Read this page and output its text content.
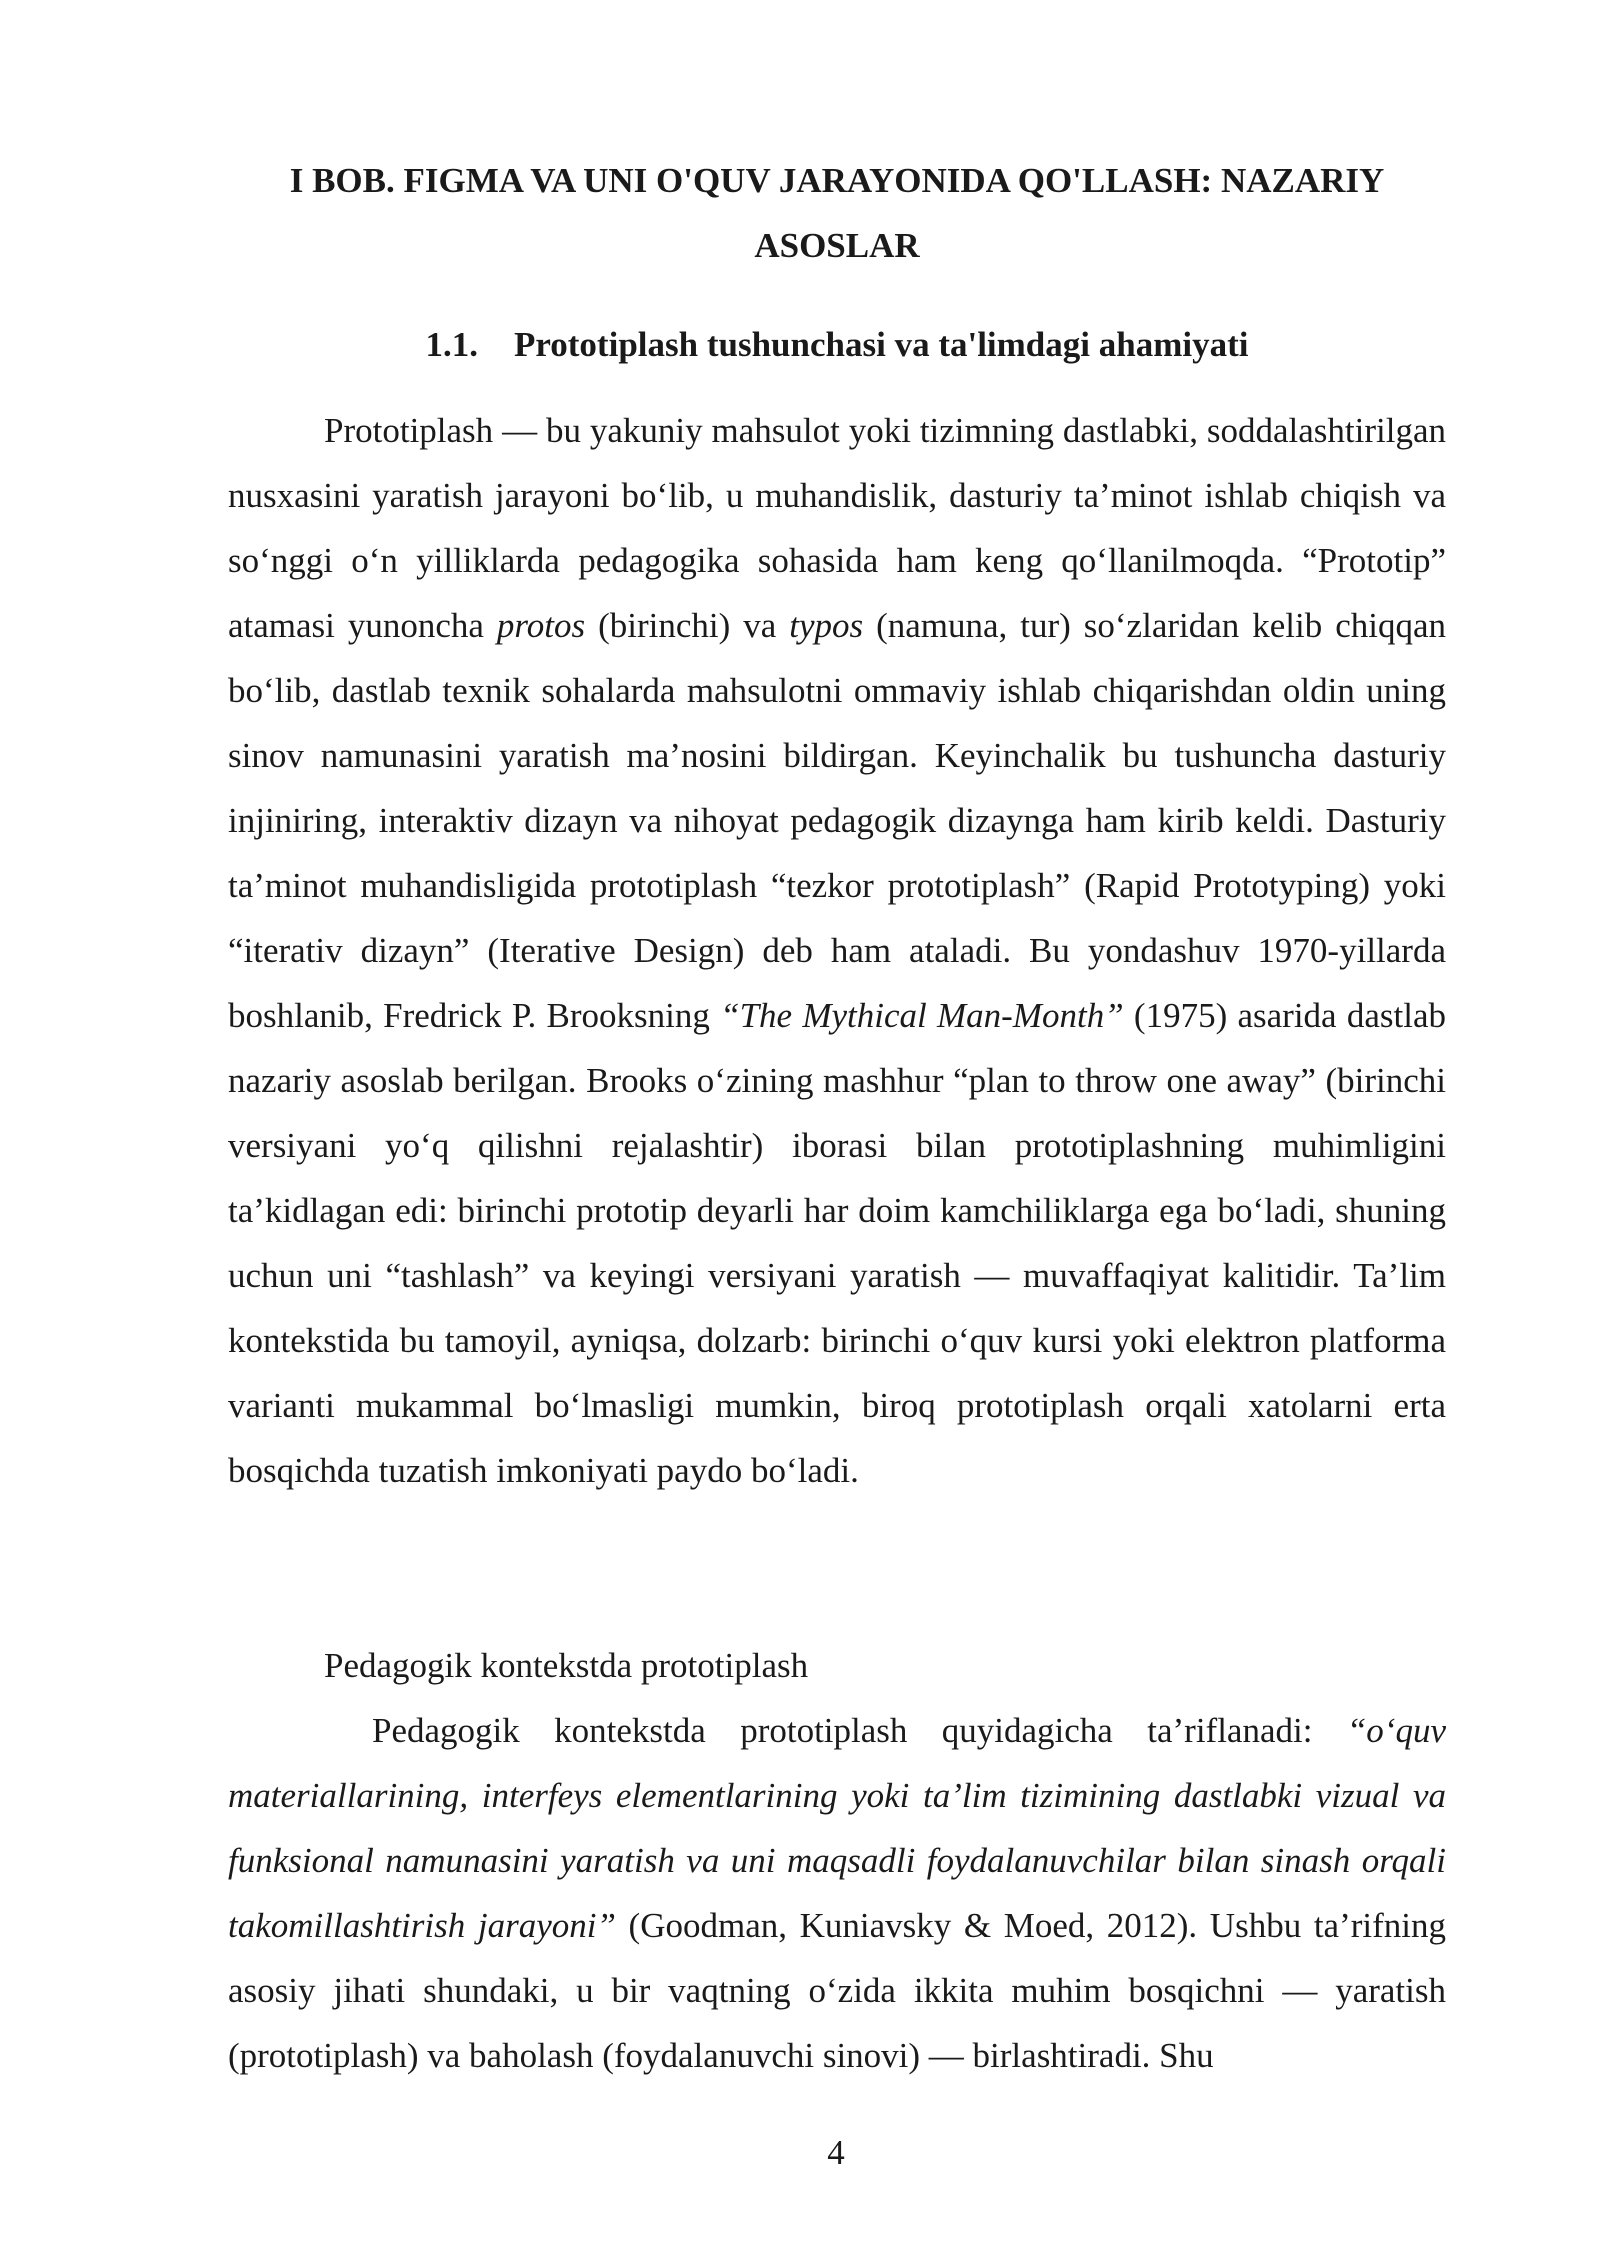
I BOB. FIGMA VA UNI O'QUV JARAYONIDA QO'LLASH: NAZARIY
ASOSLAR
1.1. Prototiplash tushunchasi va ta'limdagi ahamiyati

Prototiplash — bu yakuniy mahsulot yoki tizimning dastlabki, soddalashtirilgan nusxasini yaratish jarayoni bo‘lib, u muhandislik, dasturiy ta’minot ishlab chiqish va so‘nggi o‘n yilliklarda pedagogika sohasida ham keng qo‘llanilmoqda. “Prototip” atamasi yunoncha protos (birinchi) va typos (namuna, tur) so‘zlaridan kelib chiqqan bo‘lib, dastlab texnik sohalarda mahsulotni ommaviy ishlab chiqarishdan oldin uning sinov namunasini yaratish ma’nosini bildirgan. Keyinchalik bu tushuncha dasturiy injiniring, interaktiv dizayn va nihoyat pedagogik dizaynga ham kirib keldi. Dasturiy ta’minot muhandisligida prototiplash “tezkor prototiplash” (Rapid Prototyping) yoki “iterativ dizayn” (Iterative Design) deb ham ataladi. Bu yondashuv 1970-yillarda boshlanib, Fredrick P. Brooksning “The Mythical Man-Month” (1975) asarida dastlab nazariy asoslab berilgan. Brooks o‘zining mashhur “plan to throw one away” (birinchi versiyani yo‘q qilishni rejalashtir) iborasi bilan prototiplashning muhimligini ta’kidlagan edi: birinchi prototip deyarli har doim kamchiliklarga ega bo‘ladi, shuning uchun uni “tashlash” va keyingi versiyani yaratish — muvaffaqiyat kalitidir. Ta’lim kontekstida bu tamoyil, ayniqsa, dolzarb: birinchi o‘quv kursi yoki elektron platforma varianti mukammal bo‘lmasligi mumkin, biroq prototiplash orqali xatolarni erta bosqichda tuzatish imkoniyati paydo bo‘ladi.

Pedagogik kontekstda prototiplash

Pedagogik kontekstda prototiplash quyidagicha ta’riflanadi: “o‘quv materiallarining, interfeys elementlarining yoki ta’lim tizimining dastlabki vizual va funksional namunasini yaratish va uni maqsadli foydalanuvchilar bilan sinash orqali takomillashtirish jarayoni” (Goodman, Kuniavsky & Moed, 2012). Ushbu ta’rifning asosiy jihati shundaki, u bir vaqtning o‘zida ikkita muhim bosqichni — yaratish (prototiplash) va baholash (foydalanuvchi sinovi) — birlashtiradi. Shu

4
